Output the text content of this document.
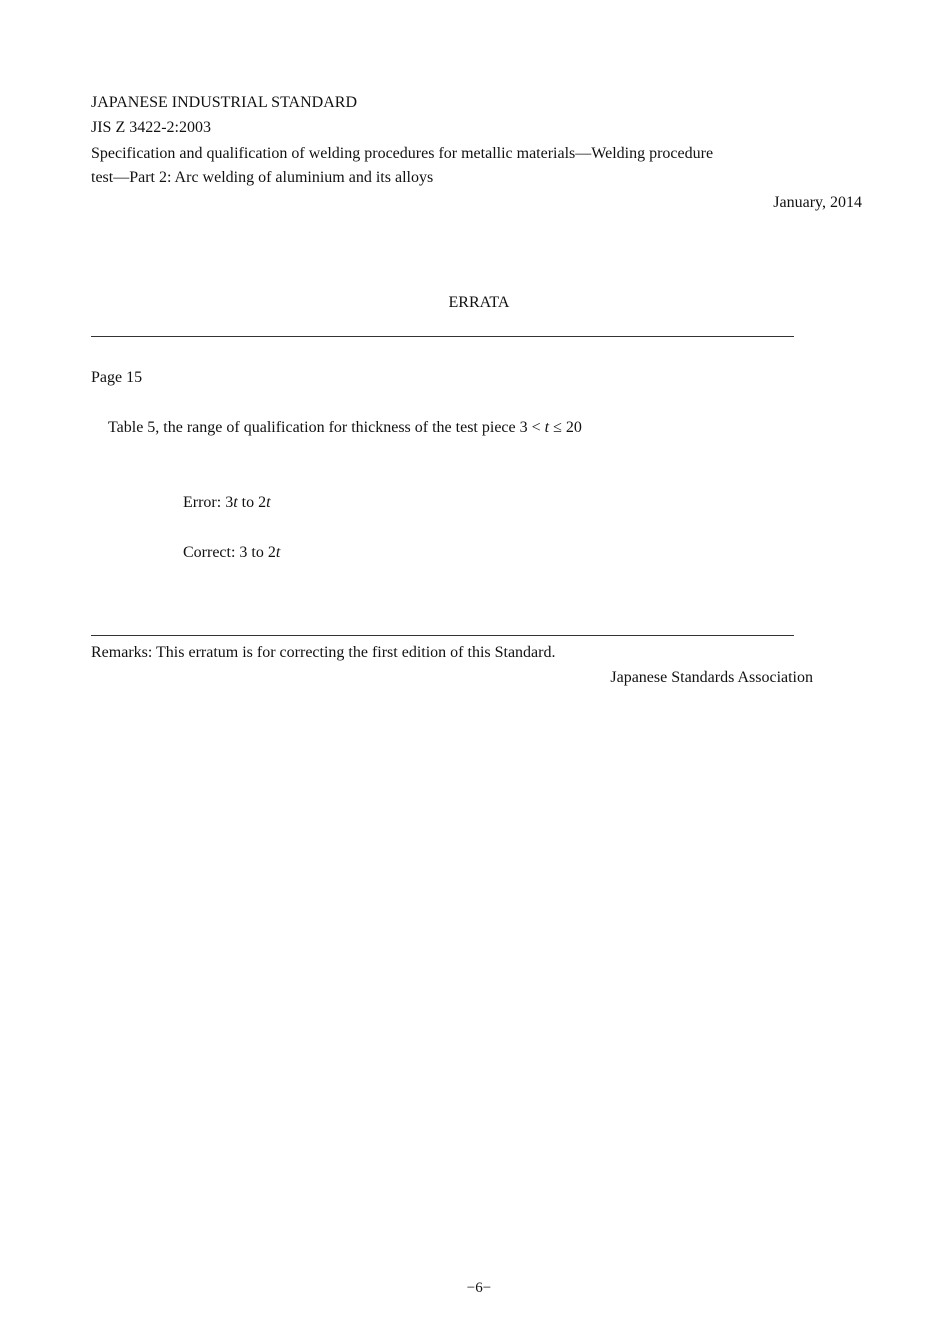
JAPANESE INDUSTRIAL STANDARD
JIS Z 3422-2:2003
Specification and qualification of welding procedures for metallic materials—Welding procedure
test—Part 2: Arc welding of aluminium and its alloys
January, 2014
ERRATA
Page 15
Table 5, the range of qualification for thickness of the test piece 3 < t ≤ 20
Error: 3t to 2t
Correct: 3 to 2t
Remarks: This erratum is for correcting the first edition of this Standard.
Japanese Standards Association
−6−
